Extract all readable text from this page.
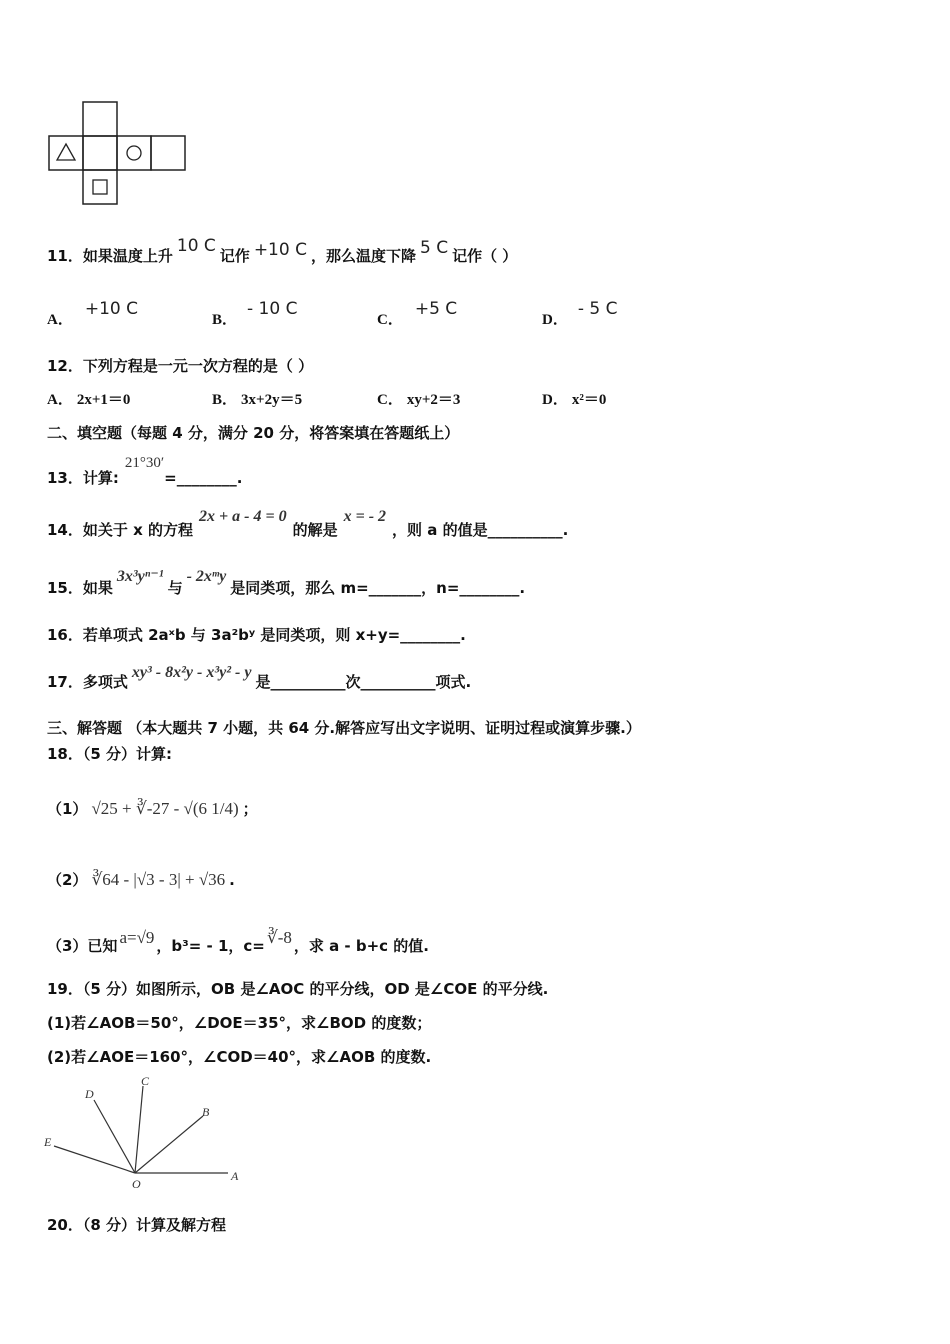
11．如果温度上升 10 C 记作 +10 C ，那么温度下降 5 C 记作（ ）
A．+10 C
B．- 10 C
C．+5 C
D．- 5 C
12．下列方程是一元一次方程的是（ ）
A． 2x+1＝0	B． 3x+2y＝5	C． xy+2＝3	D． x²＝0
二、填空题（每题 4 分，满分 20 分，将答案填在答题纸上）
13．计算:21°30′=________.
14．如关于 x 的方程2x + a - 4 = 0的解是x = - 2，则 a 的值是__________.
15．如果3x³yⁿ⁻¹与- 2xᵐy是同类项，那么 m=_______，n=________.
16．若单项式 2aˣb 与 3a²bʸ 是同类项，则 x+y=________.
17．多项式xy³ - 8x²y - x³y² - y是__________次__________项式.
三、解答题 （本大题共 7 小题，共 64 分.解答应写出文字说明、证明过程或演算步骤.）
18．（5 分）计算:
（1） √25 + ∛-27 - √(6 1/4) ；
（2） ∛64 - |√3 - 3| + √36 .
（3）已知 a=√9 ，b³= - 1，c= ∛-8 ，求 a - b+c 的值.
19．（5 分）如图所示，OB 是∠AOC 的平分线，OD 是∠COE 的平分线.
(1)若∠AOB＝50°，∠DOE＝35°，求∠BOD 的度数；
(2)若∠AOE＝160°，∠COD＝40°，求∠AOB 的度数.
D
C
B
E
O
A
20．（8 分）计算及解方程
